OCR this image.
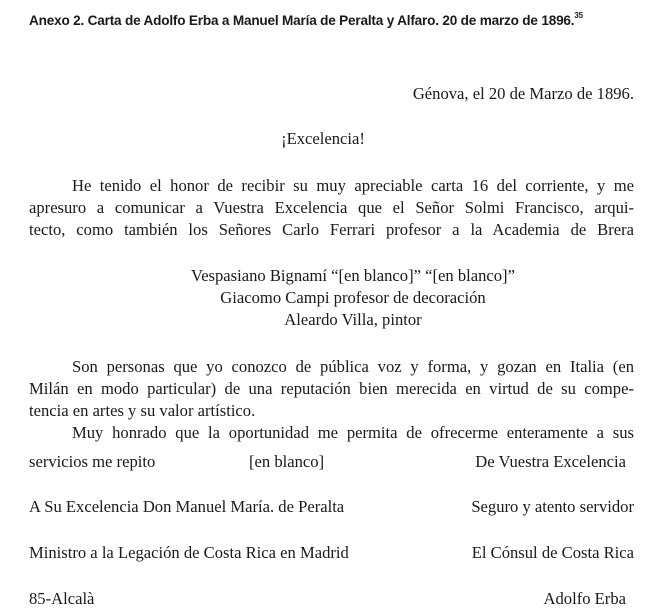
Anexo 2. Carta de Adolfo Erba a Manuel María de Peralta y Alfaro. 20 de marzo de 1896.35
Génova, el 20 de Marzo de 1896.
¡Excelencia!
He tenido el honor de recibir su muy apreciable carta 16 del corriente, y me
apresuro a comunicar a Vuestra Excelencia que el Señor Solmi Francisco, arqui-
tecto, como también los Señores Carlo Ferrari profesor a la Academia de Brera
Vespasiano Bignamí “[en blanco]” “[en blanco]”
Giacomo Campi profesor de decoración
Aleardo Villa, pintor
Son personas que yo conozco de pública voz y forma, y gozan en Italia (en
Milán en modo particular) de una reputación bien merecida en virtud de su compe-
tencia en artes y su valor artístico.
Muy honrado que la oportunidad me permita de ofrecerme enteramente a sus
servicios me repito	[en blanco]	De Vuestra Excelencia
A Su Excelencia Don Manuel María. de Peralta	Seguro y atento servidor
Ministro a la Legación de Costa Rica en Madrid	El Cónsul de Costa Rica
85-Alcalà	Adolfo Erba
